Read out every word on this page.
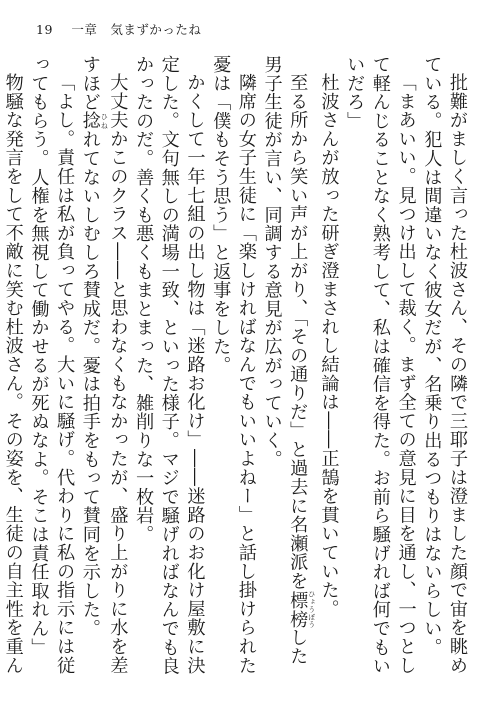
19 一章　気まずかったね

批難がましく言った杜波さん、その隣で三耶子は澄ました顔で宙を眺めている。犯人は間違いなく彼女だが、名乗り出るつもりはないらしい。

「まあいい。見つけ出して裁く。まず全ての意見に目を通し、一つとして軽んじることなく熟考して、私は確信を得た。お前ら騒げれば何でもいいだろ」

杜波さんが放った研ぎ澄まされし結論は――正鵠を貫いていた。

至る所から笑い声が上がり、「その通りだ」と過去に名瀬派を標榜 ひょうぼうした男子生徒が言い、同調する意見が広がっていく。

隣席の女子生徒に「楽しければなんでもいいよねー」と話し掛けられた憂は「僕もそう思う」と返事をした。

かくして一年七組の出し物は「迷路お化け」――迷路のお化け屋敷に決定した。文句無しの満場一致、といった様子。マジで騒げればなんでも良かったのだ。善くも悪くもまとまった、雑削りな一枚岩。

大丈夫かこのクラス――と思わなくもなかったが、盛り上がりに水を差すほど捻 ひねれてないしむしろ賛成だ。憂は拍手をもって賛同を示した。

「よし。責任は私が負ってやる。大いに騒げ。代わりに私の指示には従ってもらう。人権を無視して働かせるが死ぬなよ。そこは責任取れん」

物騒な発言をして不敵に笑む杜波さん。その姿を、生徒の自主性を重ん
